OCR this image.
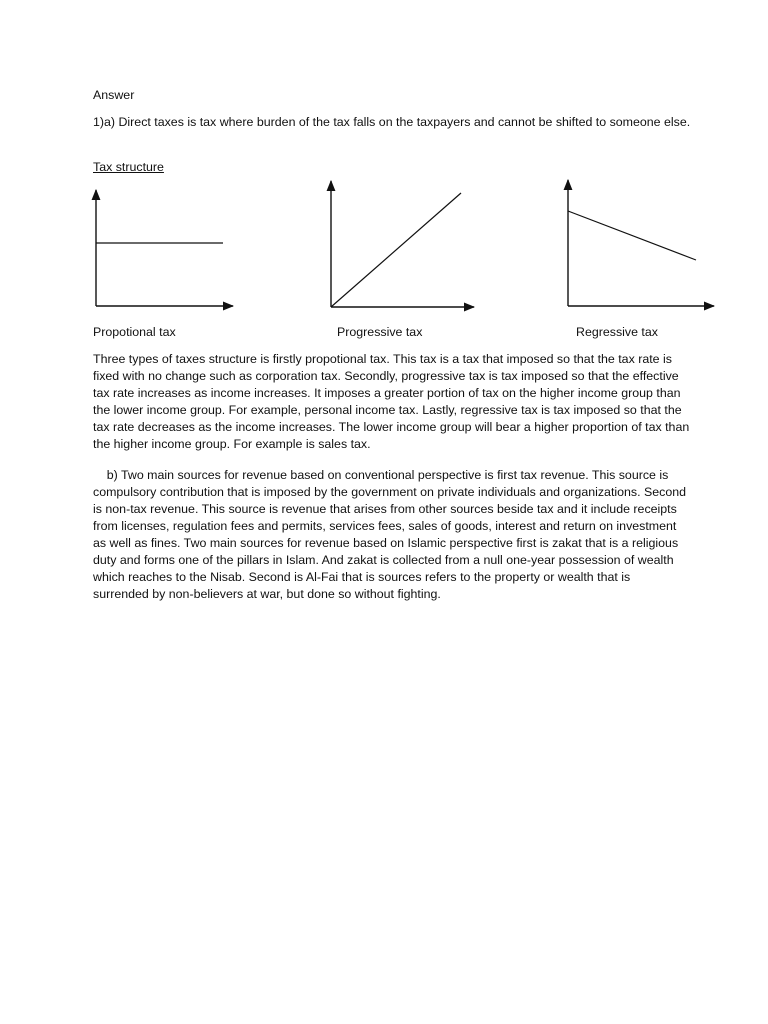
Answer

1)a) Direct taxes is tax where burden of the tax falls on the taxpayers and cannot be shifted to someone else.

Tax structure

Propotional tax	Progressive tax	Regressive tax

Three types of taxes structure is firstly propotional tax. This tax is a tax that imposed so that the tax rate is fixed with no change such as corporation tax. Secondly, progressive tax is tax imposed so that the effective tax rate increases as income increases. It imposes a greater portion of tax on the higher income group than the lower income group. For example, personal income tax. Lastly, regressive tax is tax imposed so that the tax rate decreases as the income increases. The lower income group will bear a higher proportion of tax than the higher income group. For example is sales tax.

b) Two main sources for revenue based on conventional perspective is first tax revenue. This source is compulsory contribution that is imposed by the government on private individuals and organizations. Second is non-tax revenue. This source is revenue that arises from other sources beside tax and it include receipts from licenses, regulation fees and permits, services fees, sales of goods, interest and return on investment as well as fines. Two main sources for revenue based on Islamic perspective first is zakat that is a religious duty and forms one of the pillars in Islam. And zakat is collected from a null one-year possession of wealth which reaches to the Nisab. Second is Al-Fai that is sources refers to the property or wealth that is surrended by non-believers at war, but done so without fighting.
